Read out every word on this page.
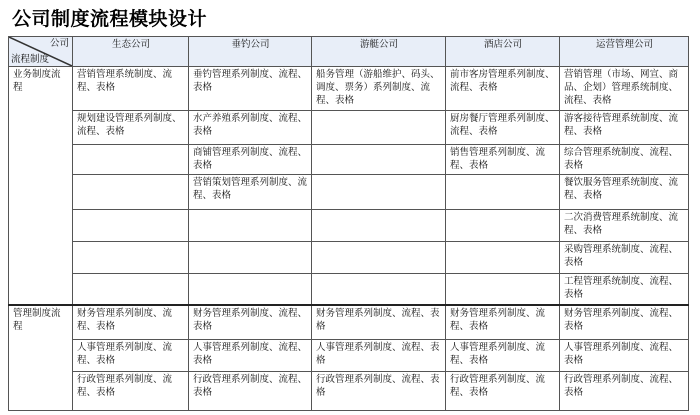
公司制度流程模块设计
公司
流程制度	生态公司	垂钓公司	游艇公司	酒店公司	运营管理公司
业务制度流程	营销管理系统制度、流程、表格	垂钓管理系列制度、流程、表格	船务管理（游船维护、码头、调度、票务）系列制度、流程、表格	前市客房管理系列制度、流程、表格	营销管理（市场、网宣、商品、企划）管理系统制度、流程、表格
	规划建设管理系列制度、流程、表格	水产养殖系列制度、流程、表格		厨房餐厅管理系列制度、流程、表格	游客接待管理系统制度、流程、表格
		商铺管理系列制度、流程、表格		销售管理系列制度、流程、表格	综合管理系统制度、流程、表格
		营销策划管理系列制度、流程、表格			餐饮服务管理系统制度、流程、表格
					二次消费管理系统制度、流程、表格
					采购管理系统制度、流程、表格
					工程管理系统制度、流程、表格
管理制度流程	财务管理系列制度、流程、表格	财务管理系列制度、流程、表格	财务管理系列制度、流程、表格	财务管理系列制度、流程、表格	财务管理系列制度、流程、表格
	人事管理系列制度、流程、表格	人事管理系列制度、流程、表格	人事管理系列制度、流程、表格	人事管理系列制度、流程、表格	人事管理系列制度、流程、表格
	行政管理系列制度、流程、表格	行政管理系列制度、流程、表格	行政管理系列制度、流程、表格	行政管理系列制度、流程、表格	行政管理系列制度、流程、表格
